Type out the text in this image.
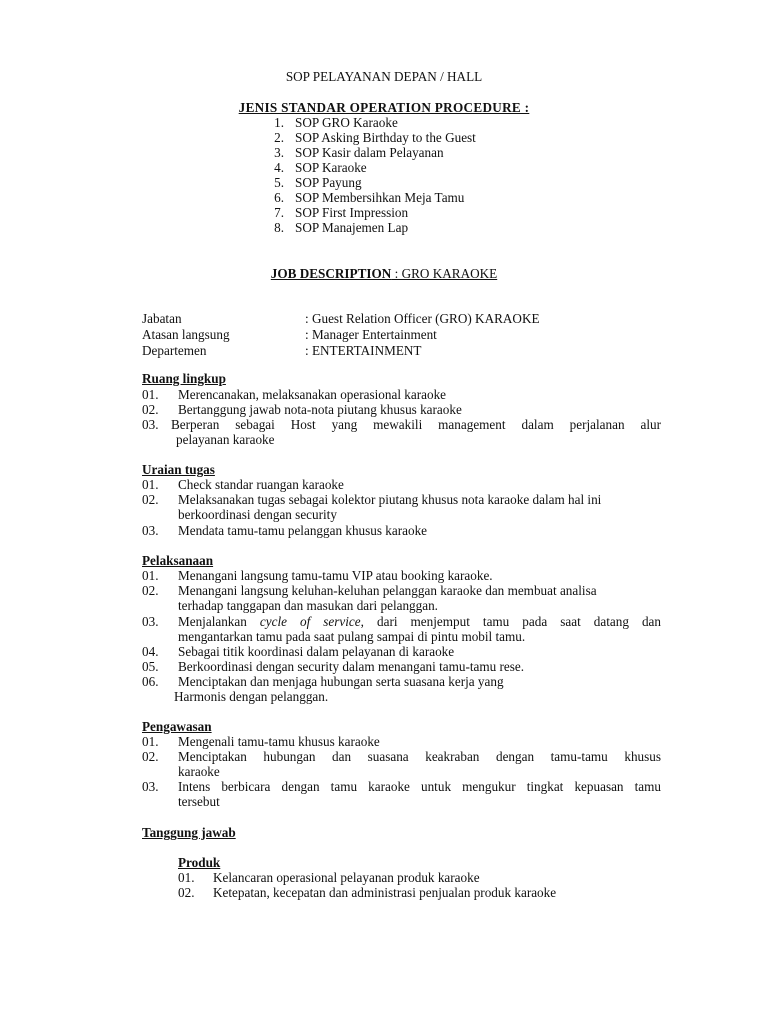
SOP PELAYANAN DEPAN / HALL
JENIS STANDAR OPERATION PROCEDURE :
1. SOP GRO Karaoke
2. SOP Asking Birthday to the Guest
3. SOP Kasir dalam Pelayanan
4. SOP Karaoke
5. SOP Payung
6. SOP Membersihkan Meja Tamu
7. SOP First Impression
8. SOP Manajemen Lap
JOB DESCRIPTION : GRO KARAOKE
Jabatan	: Guest Relation Officer (GRO) KARAOKE
Atasan langsung	: Manager Entertainment
Departemen	: ENTERTAINMENT
Ruang lingkup
01. Merencanakan, melaksanakan operasional karaoke
02. Bertanggung jawab nota-nota piutang khusus karaoke
03. Berperan sebagai Host yang mewakili management dalam perjalanan alur
pelayanan karaoke
Uraian tugas
01. Check standar ruangan karaoke
02. Melaksanakan tugas sebagai kolektor piutang khusus nota karaoke dalam hal ini
berkoordinasi dengan security
03. Mendata tamu-tamu pelanggan khusus karaoke
Pelaksanaan
01. Menangani langsung tamu-tamu VIP atau booking karaoke.
02. Menangani langsung keluhan-keluhan pelanggan karaoke dan membuat analisa
terhadap tanggapan dan masukan dari pelanggan.
03. Menjalankan cycle of service, dari menjemput tamu pada saat datang dan
mengantarkan tamu pada saat pulang sampai di pintu mobil tamu.
04. Sebagai titik koordinasi dalam pelayanan di karaoke
05. Berkoordinasi dengan security dalam menangani tamu-tamu rese.
06. Menciptakan dan menjaga hubungan serta suasana kerja yang
Harmonis dengan pelanggan.
Pengawasan
01. Mengenali tamu-tamu khusus karaoke
02. Menciptakan hubungan dan suasana keakraban dengan tamu-tamu khusus
karaoke
03. Intens berbicara dengan tamu karaoke untuk mengukur tingkat kepuasan tamu
tersebut
Tanggung jawab
Produk
01. Kelancaran operasional pelayanan produk karaoke
02. Ketepatan, kecepatan dan administrasi penjualan produk karaoke
